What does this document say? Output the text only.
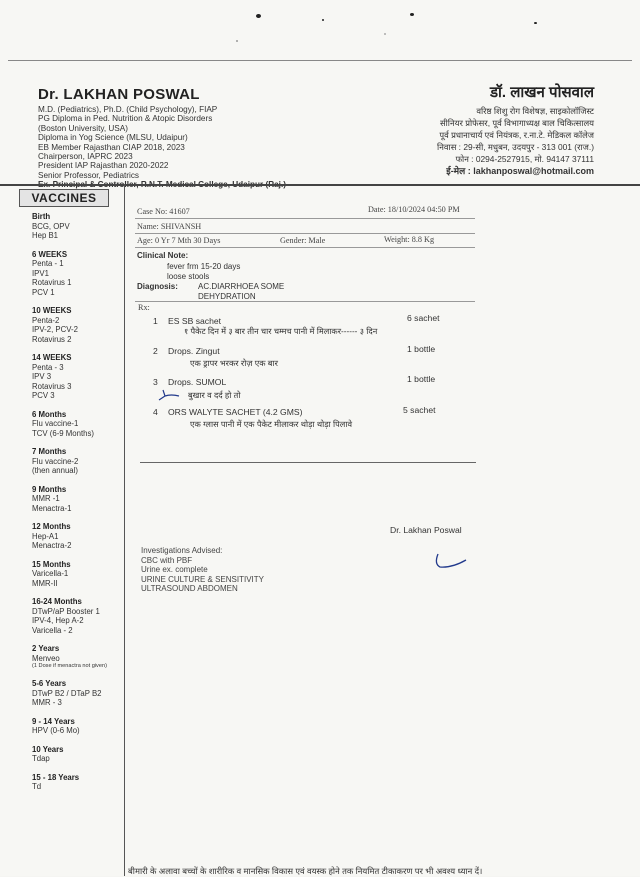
Dr. LAKHAN POSWAL
M.D. (Pediatrics), Ph.D. (Child Psychology), FIAP
PG Diploma in Ped. Nutrition & Atopic Disorders
(Boston University, USA)
Diploma in Yog Science (MLSU, Udaipur)
EB Member Rajasthan CIAP 2018, 2023
Chairperson, IAPRC 2023
President IAP Rajasthan 2020-2022
Senior Professor, Pediatrics
डॉ. लाखन पोसवाल
वरिष्ठ शिशु रोग विशेषज्ञ, साइकोलॉजिस्ट
सीनियर प्रोफेसर, पूर्व विभागाध्यक्ष बाल चिकित्सालय
पूर्व प्रधानाचार्य एवं नियंत्रक, र.ना.टे. मेडिकल कॉलेज
निवास : 29-सी, मधुबन, उदयपुर - 313 001 (राज.)
फोन : 0294-2527915, मो. 94147 37111
ई-मेल : lakhanposwal@hotmail.com
VACCINES
Birth
BCG, OPV
Hep B1
6 WEEKS
Penta - 1
IPV1
Rotavirus 1
PCV 1
10 WEEKS
Penta-2
IPV-2, PCV-2
Rotavirus 2
14 WEEKS
Penta - 3
IPV 3
Rotavirus 3
PCV 3
6 Months
Flu vaccine-1
TCV (6-9 Months)
7 Months
Flu vaccine-2
(then annual)
9 Months
MMR -1
Menactra-1
12 Months
Hep-A1
Menactra-2
15 Months
Varicella-1
MMR-II
16-24 Months
DTwP/aP Booster 1
IPV-4, Hep A-2
Varicella - 2
2 Years
Menveo
(1 Dose if menactra not given)
5-6 Years
DTwP B2 / DTaP B2
MMR - 3
9 - 14 Years
HPV (0-6 Mo)
10 Years
Tdap
15 - 18 Years
Td
Case No: 41607	Date: 18/10/2024 04:50 PM
Name: SHIVANSH
Age: 0 Yr 7 Mth 30 Days	Gender: Male	Weight: 8.8 Kg
Clinical Note:
fever frm 15-20 days
loose stools
Diagnosis:	AC.DIARRHOEA SOME
DEHYDRATION
Rx:
1 ES SB sachet	6 sachet
१ पैकेट दिन में ३ बार तीन चार चम्मच पानी में मिलाकर------ ३ दिन
2 Drops. Zingut	1 bottle
एक ड्रापर भरकर रोज़ एक बार
3 Drops. SUMOL	1 bottle
बुखार व दर्द हो तो
4 ORS WALYTE SACHET (4.2 GMS)	5 sachet
एक ग्लास पानी में एक पैकेट मीलाकर थोड़ा थोड़ा पिलावे
Dr. Lakhan Poswal
Investigations Advised:
CBC with PBF
Urine ex. complete
URINE CULTURE & SENSITIVITY
ULTRASOUND ABDOMEN
बीमारी के अलावा बच्चों के शारीरिक व मानसिक विकास एवं वयस्क होने तक नियमित टीकाकरण पर भी अवश्य ध्यान दें।
